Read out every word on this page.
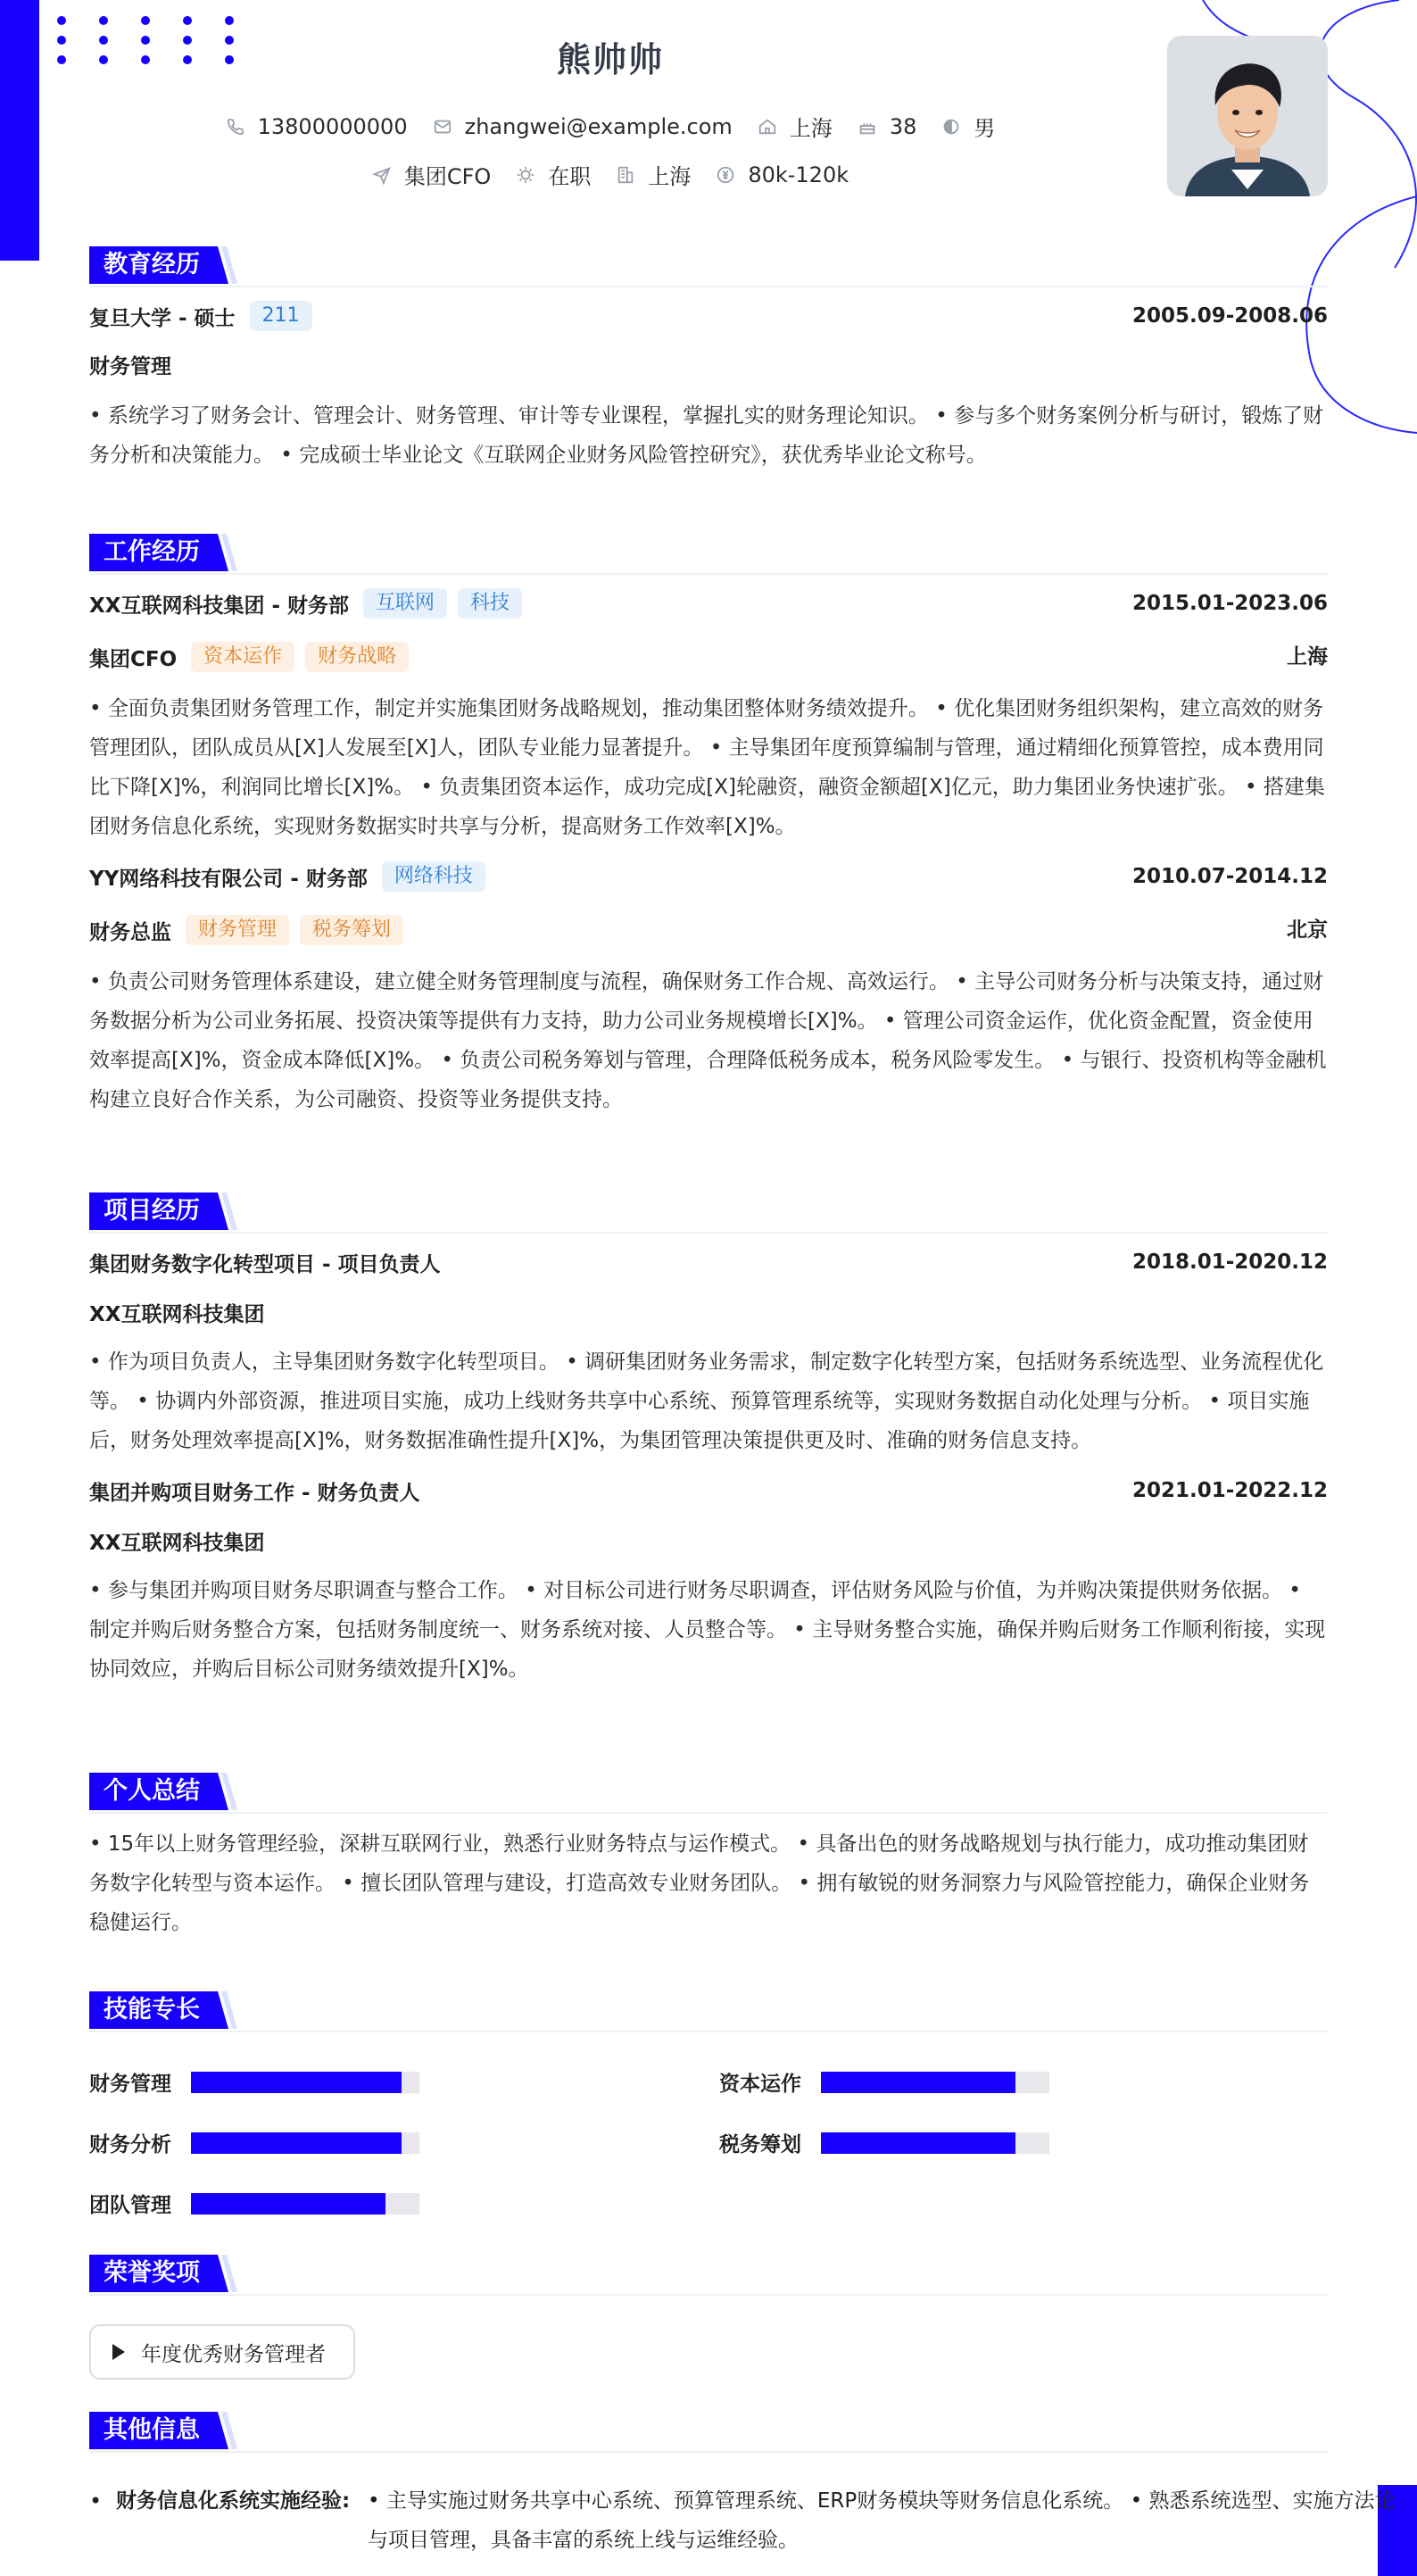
熊帅帅
13800000000	zhangwei@example.com	上海	38	男
集团CFO	在职	上海	80k-120k
教育经历
复旦大学 - 硕士	211	2005.09-2008.06
财务管理
• 系统学习了财务会计、管理会计、财务管理、审计等专业课程，掌握扎实的财务理论知识。 • 参与多个财务案例分析与研讨，锻炼了财务分析和决策能力。 • 完成硕士毕业论文《互联网企业财务风险管控研究》，获优秀毕业论文称号。
工作经历
XX互联网科技集团 - 财务部	互联网	科技	2015.01-2023.06
集团CFO	资本运作	财务战略	上海
• 全面负责集团财务管理工作，制定并实施集团财务战略规划，推动集团整体财务绩效提升。 • 优化集团财务组织架构，建立高效的财务管理团队，团队成员从[X]人发展至[X]人，团队专业能力显著提升。 • 主导集团年度预算编制与管理，通过精细化预算管控，成本费用同比下降[X]%，利润同比增长[X]%。 • 负责集团资本运作，成功完成[X]轮融资，融资金额超[X]亿元，助力集团业务快速扩张。 • 搭建集团财务信息化系统，实现财务数据实时共享与分析，提高财务工作效率[X]%。
YY网络科技有限公司 - 财务部	网络科技	2010.07-2014.12
财务总监	财务管理	税务筹划	北京
• 负责公司财务管理体系建设，建立健全财务管理制度与流程，确保财务工作合规、高效运行。 • 主导公司财务分析与决策支持，通过财务数据分析为公司业务拓展、投资决策等提供有力支持，助力公司业务规模增长[X]%。 • 管理公司资金运作，优化资金配置，资金使用效率提高[X]%，资金成本降低[X]%。 • 负责公司税务筹划与管理，合理降低税务成本，税务风险零发生。 • 与银行、投资机构等金融机构建立良好合作关系，为公司融资、投资等业务提供支持。
项目经历
集团财务数字化转型项目 - 项目负责人	2018.01-2020.12
XX互联网科技集团
• 作为项目负责人，主导集团财务数字化转型项目。 • 调研集团财务业务需求，制定数字化转型方案，包括财务系统选型、业务流程优化等。 • 协调内外部资源，推进项目实施，成功上线财务共享中心系统、预算管理系统等，实现财务数据自动化处理与分析。 • 项目实施后，财务处理效率提高[X]%，财务数据准确性提升[X]%，为集团管理决策提供更及时、准确的财务信息支持。
集团并购项目财务工作 - 财务负责人	2021.01-2022.12
XX互联网科技集团
• 参与集团并购项目财务尽职调查与整合工作。 • 对目标公司进行财务尽职调查，评估财务风险与价值，为并购决策提供财务依据。 • 制定并购后财务整合方案，包括财务制度统一、财务系统对接、人员整合等。 • 主导财务整合实施，确保并购后财务工作顺利衔接，实现协同效应，并购后目标公司财务绩效提升[X]%。
个人总结
• 15年以上财务管理经验，深耕互联网行业，熟悉行业财务特点与运作模式。 • 具备出色的财务战略规划与执行能力，成功推动集团财务数字化转型与资本运作。 • 擅长团队管理与建设，打造高效专业财务团队。 • 拥有敏锐的财务洞察力与风险管控能力，确保企业财务稳健运行。
技能专长
财务管理	资本运作
财务分析	税务筹划
团队管理
荣誉奖项
年度优秀财务管理者
其他信息
• 财务信息化系统实施经验: • 主导实施过财务共享中心系统、预算管理系统、ERP财务模块等财务信息化系统。 • 熟悉系统选型、实施方法论与项目管理，具备丰富的系统上线与运维经验。
